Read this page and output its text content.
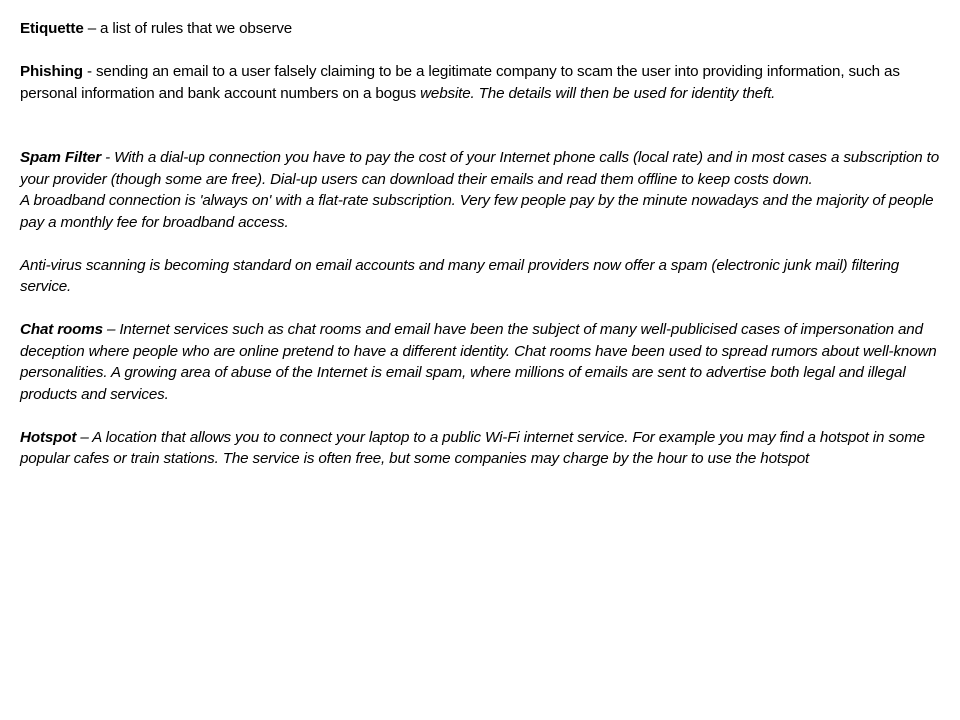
Etiquette – a list of rules that we observe

Phishing - sending an email to a user falsely claiming to be a legitimate company to scam the user into providing information, such as personal information and bank account numbers on a bogus website. The details will then be used for identity theft.

Spam Filter - With a dial-up connection you have to pay the cost of your Internet phone calls (local rate) and in most cases a subscription to your provider (though some are free). Dial-up users can download their emails and read them offline to keep costs down.

A broadband connection is 'always on' with a flat-rate subscription. Very few people pay by the minute nowadays and the majority of people pay a monthly fee for broadband access.

Anti-virus scanning is becoming standard on email accounts and many email providers now offer a spam (electronic junk mail) filtering service.

Chat rooms – Internet services such as chat rooms and email have been the subject of many well-publicised cases of impersonation and deception where people who are online pretend to have a different identity. Chat rooms have been used to spread rumors about well-known personalities. A growing area of abuse of the Internet is email spam, where millions of emails are sent to advertise both legal and illegal products and services.

Hotspot – A location that allows you to connect your laptop to a public Wi-Fi internet service. For example you may find a hotspot in some popular cafes or train stations. The service is often free, but some companies may charge by the hour to use the hotspot
